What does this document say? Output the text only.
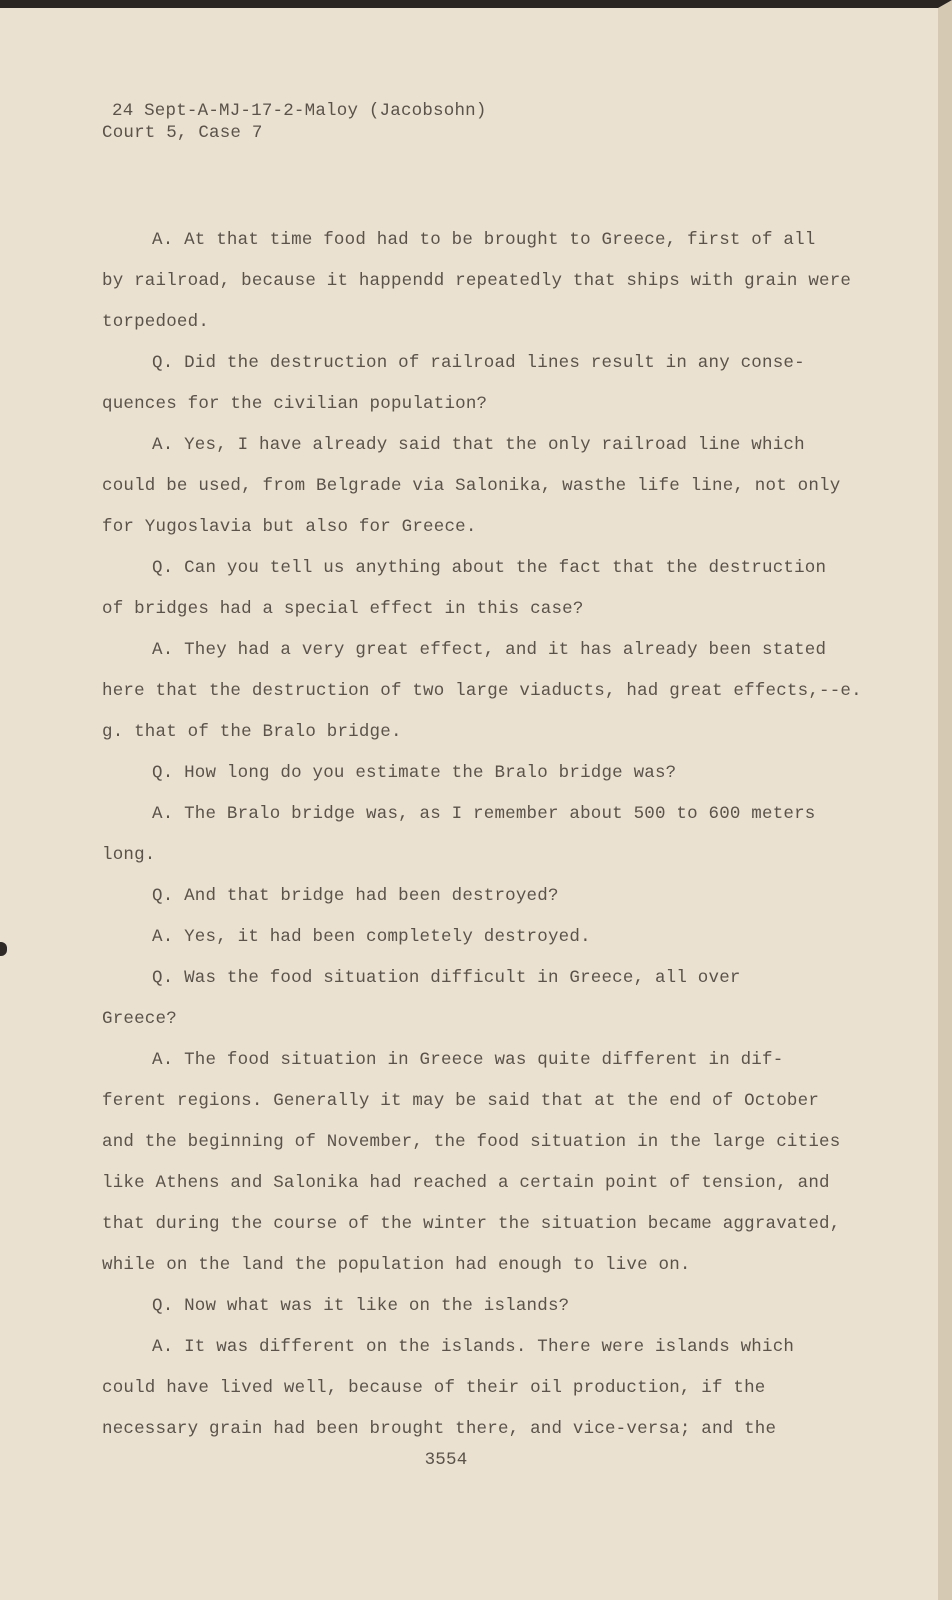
24 Sept-A-MJ-17-2-Maloy (Jacobsohn)
Court 5, Case 7
A. At that time food had to be brought to Greece, first of all
by railroad, because it happendd repeatedly that ships with grain were
torpedoed.
Q. Did the destruction of railroad lines result in any conse-
quences for the civilian population?
A. Yes, I have already said that the only railroad line which
could be used, from Belgrade via Salonika, wasthe life line, not only
for Yugoslavia but also for Greece.
Q. Can you tell us anything about the fact that the destruction
of bridges had a special effect in this case?
A. They had a very great effect, and it has already been stated
here that the destruction of two large viaducts, had great effects,--e.
g. that of the Bralo bridge.
Q. How long do you estimate the Bralo bridge was?
A. The Bralo bridge was, as I remember about 500 to 600 meters
long.
Q. And that bridge had been destroyed?
A. Yes, it had been completely destroyed.
Q. Was the food situation difficult in Greece, all over
Greece?
A. The food situation in Greece was quite different in dif-
ferent regions. Generally it may be said that at the end of October
and the beginning of November, the food situation in the large cities
like Athens and Salonika had reached a certain point of tension, and
that during the course of the winter the situation became aggravated,
while on the land the population had enough to live on.
Q. Now what was it like on the islands?
A. It was different on the islands. There were islands which
could have lived well, because of their oil production, if the
necessary grain had been brought there, and vice-versa; and the
3554
